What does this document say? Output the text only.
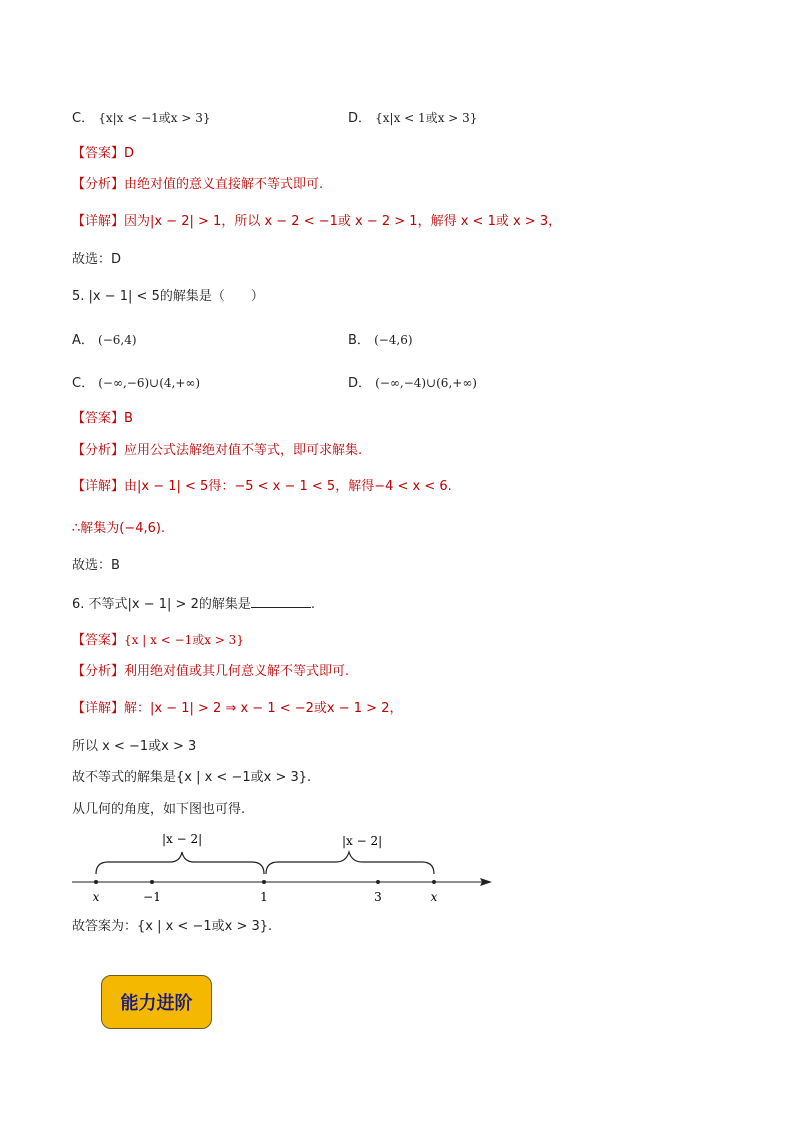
C． {x|x < −1或x > 3}	D． {x|x < 1或x > 3}
【答案】D
【分析】由绝对值的意义直接解不等式即可.
【详解】因为|x − 2| > 1，所以 x − 2 < −1或 x − 2 > 1，解得 x < 1或 x > 3，
故选：D
5. |x − 1| < 5的解集是（　　）
A． (−6,4)	B． (−4,6)
C． (−∞,−6)∪(4,+∞)	D． (−∞,−4)∪(6,+∞)
【答案】B
【分析】应用公式法解绝对值不等式，即可求解集.
【详解】由|x − 1| < 5得：−5 < x − 1 < 5，解得−4 < x < 6.
∴解集为(−4,6).
故选：B
6. 不等式|x − 1| > 2的解集是	.
【答案】{x | x < −1或x > 3}
【分析】利用绝对值或其几何意义解不等式即可.
【详解】解：|x − 1| > 2 ⇒ x − 1 < −2或x − 1 > 2，
所以 x < −1或x > 3
故不等式的解集是{x | x < −1或x > 3}.
从几何的角度，如下图也可得.
|x − 2|	|x − 2|
x	−1	1	3	x
故答案为：{x | x < −1或x > 3}.
能力进阶
